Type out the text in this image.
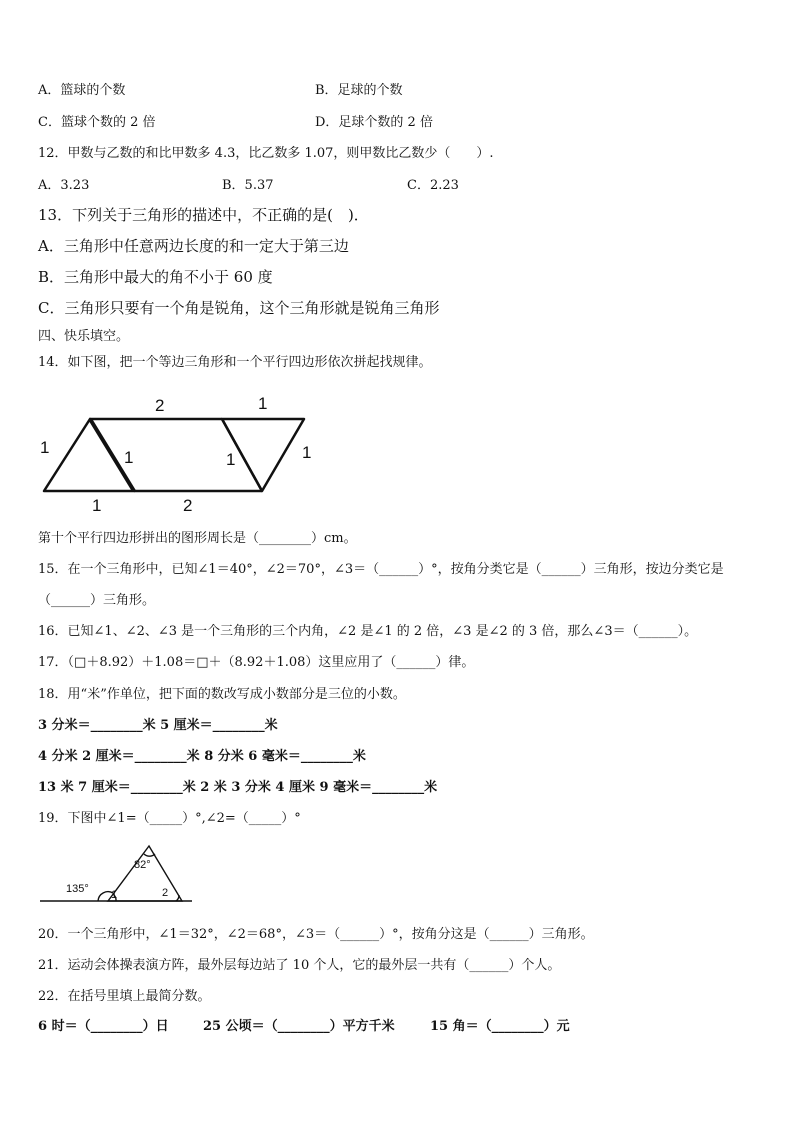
A．篮球的个数	B．足球的个数
C．篮球个数的 2 倍	D．足球个数的 2 倍
12．甲数与乙数的和比甲数多 4.3，比乙数多 1.07，则甲数比乙数少（　　）.
A．3.23	B．5.37	C．2.23
13．下列关于三角形的描述中，不正确的是(　)．
A．三角形中任意两边长度的和一定大于第三边
B．三角形中最大的角不小于 60 度
C．三角形只要有一个角是锐角，这个三角形就是锐角三角形
四、快乐填空。
14．如下图，把一个等边三角形和一个平行四边形依次拼起找规律。
2	1
1
1	1	1
1	2
第十个平行四边形拼出的图形周长是（________）cm。
15．在一个三角形中，已知∠1＝40°，∠2＝70°，∠3＝（______）°，按角分类它是（______）三角形，按边分类它是
（______）三角形。
16．已知∠1、∠2、∠3 是一个三角形的三个内角，∠2 是∠1 的 2 倍，∠3 是∠2 的 3 倍，那么∠3＝（______）。
17．（□＋8.92）＋1.08＝□＋（8.92＋1.08）这里应用了（______）律。
18．用“米”作单位，把下面的数改写成小数部分是三位的小数。
3 分米＝________米 5 厘米＝________米
4 分米 2 厘米＝________米 8 分米 6 毫米＝________米
13 米 7 厘米＝________米 2 米 3 分米 4 厘米 9 毫米＝________米
19．下图中∠1=（_____）°,∠2=（_____）°
82°
135° 1	2
20．一个三角形中，∠1＝32°，∠2＝68°，∠3＝（______）°，按角分这是（______）三角形。
21．运动会体操表演方阵，最外层每边站了 10 个人，它的最外层一共有（______）个人。
22．在括号里填上最简分数。
6 时＝（________）日	25 公顷＝（________）平方千米	15 角＝（________）元
